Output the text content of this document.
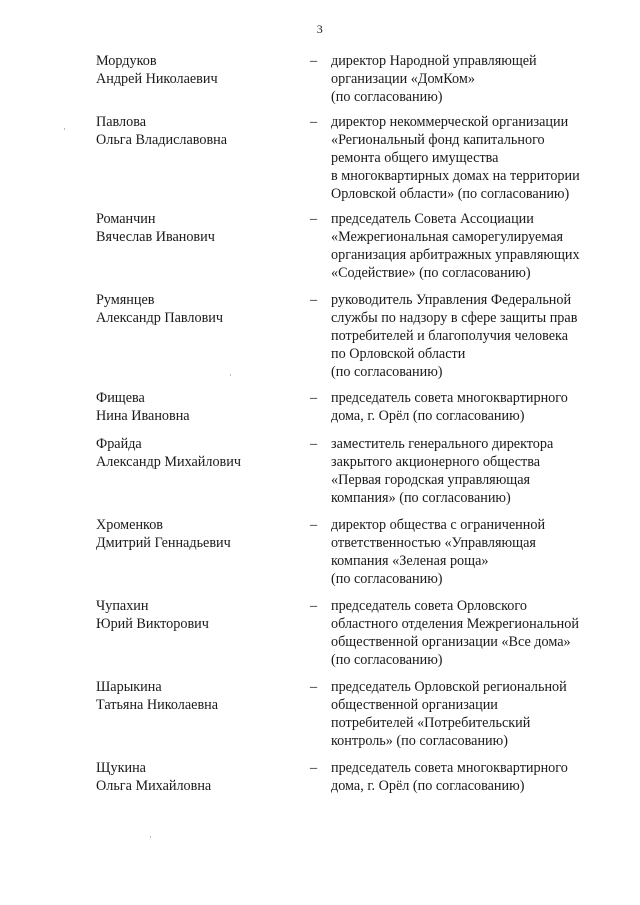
3
Мордуков
Андрей Николаевич
– директор Народной управляющей
организации «ДомКом»
(по согласованию)
Павлова
Ольга Владиславовна
– директор некоммерческой организации
«Региональный фонд капитального
ремонта общего имущества
в многоквартирных домах на территории
Орловской области» (по согласованию)
Романчин
Вячеслав Иванович
– председатель Совета Ассоциации
«Межрегиональная саморегулируемая
организация арбитражных управляющих
«Содействие» (по согласованию)
Румянцев
Александр Павлович
– руководитель Управления Федеральной
службы по надзору в сфере защиты прав
потребителей и благополучия человека
по Орловской области
(по согласованию)
Фищева
Нина Ивановна
– председатель совета многоквартирного
дома, г. Орёл (по согласованию)
Фрайда
Александр Михайлович
– заместитель генерального директора
закрытого акционерного общества
«Первая городская управляющая
компания» (по согласованию)
Хроменков
Дмитрий Геннадьевич
– директор общества с ограниченной
ответственностью «Управляющая
компания «Зеленая роща»
(по согласованию)
Чупахин
Юрий Викторович
– председатель совета Орловского
областного отделения Межрегиональной
общественной организации «Все дома»
(по согласованию)
Шарыкина
Татьяна Николаевна
– председатель Орловской региональной
общественной организации
потребителей «Потребительский
контроль» (по согласованию)
Щукина
Ольга Михайловна
– председатель совета многоквартирного
дома, г. Орёл (по согласованию)
